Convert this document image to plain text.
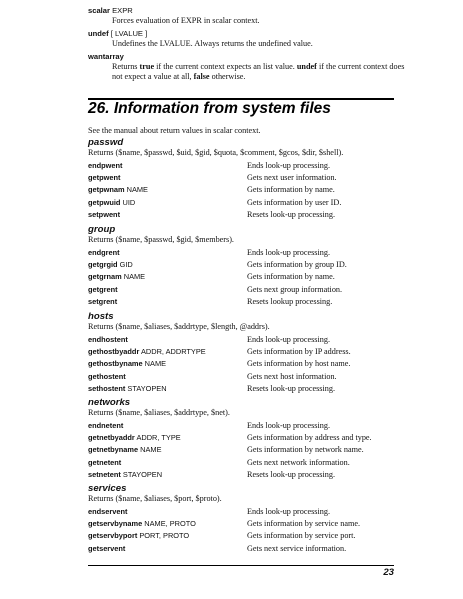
scalar EXPR
Forces evaluation of EXPR in scalar context.
undef [ LVALUE ]
Undefines the LVALUE. Always returns the undefined value.
wantarray
Returns true if the current context expects an list value. undef if the current context does not expect a value at all, false otherwise.
26. Information from system files
See the manual about return values in scalar context.
passwd
Returns ($name, $passwd, $uid, $gid, $quota, $comment, $gcos, $dir, $shell).
endpwent	Ends look-up processing.
getpwent	Gets next user information.
getpwnam NAME	Gets information by name.
getpwuid UID	Gets information by user ID.
setpwent	Resets look-up processing.
group
Returns ($name, $passwd, $gid, $members).
endgrent	Ends look-up processing.
getgrgid GID	Gets information by group ID.
getgrnam NAME	Gets information by name.
getgrent	Gets next group information.
setgrent	Resets lookup processing.
hosts
Returns ($name, $aliases, $addrtype, $length, @addrs).
endhostent	Ends look-up processing.
gethostbyaddr ADDR, ADDRTYPE	Gets information by IP address.
gethostbyname NAME	Gets information by host name.
gethostent	Gets next host information.
sethostent STAYOPEN	Resets look-up processing.
networks
Returns ($name, $aliases, $addrtype, $net).
endnetent	Ends look-up processing.
getnetbyaddr ADDR, TYPE	Gets information by address and type.
getnetbyname NAME	Gets information by network name.
getnetent	Gets next network information.
setnetent STAYOPEN	Resets look-up processing.
services
Returns ($name, $aliases, $port, $proto).
endservent	Ends look-up processing.
getservbyname NAME, PROTO	Gets information by service name.
getservbyport PORT, PROTO	Gets information by service port.
getservent	Gets next service information.
23
